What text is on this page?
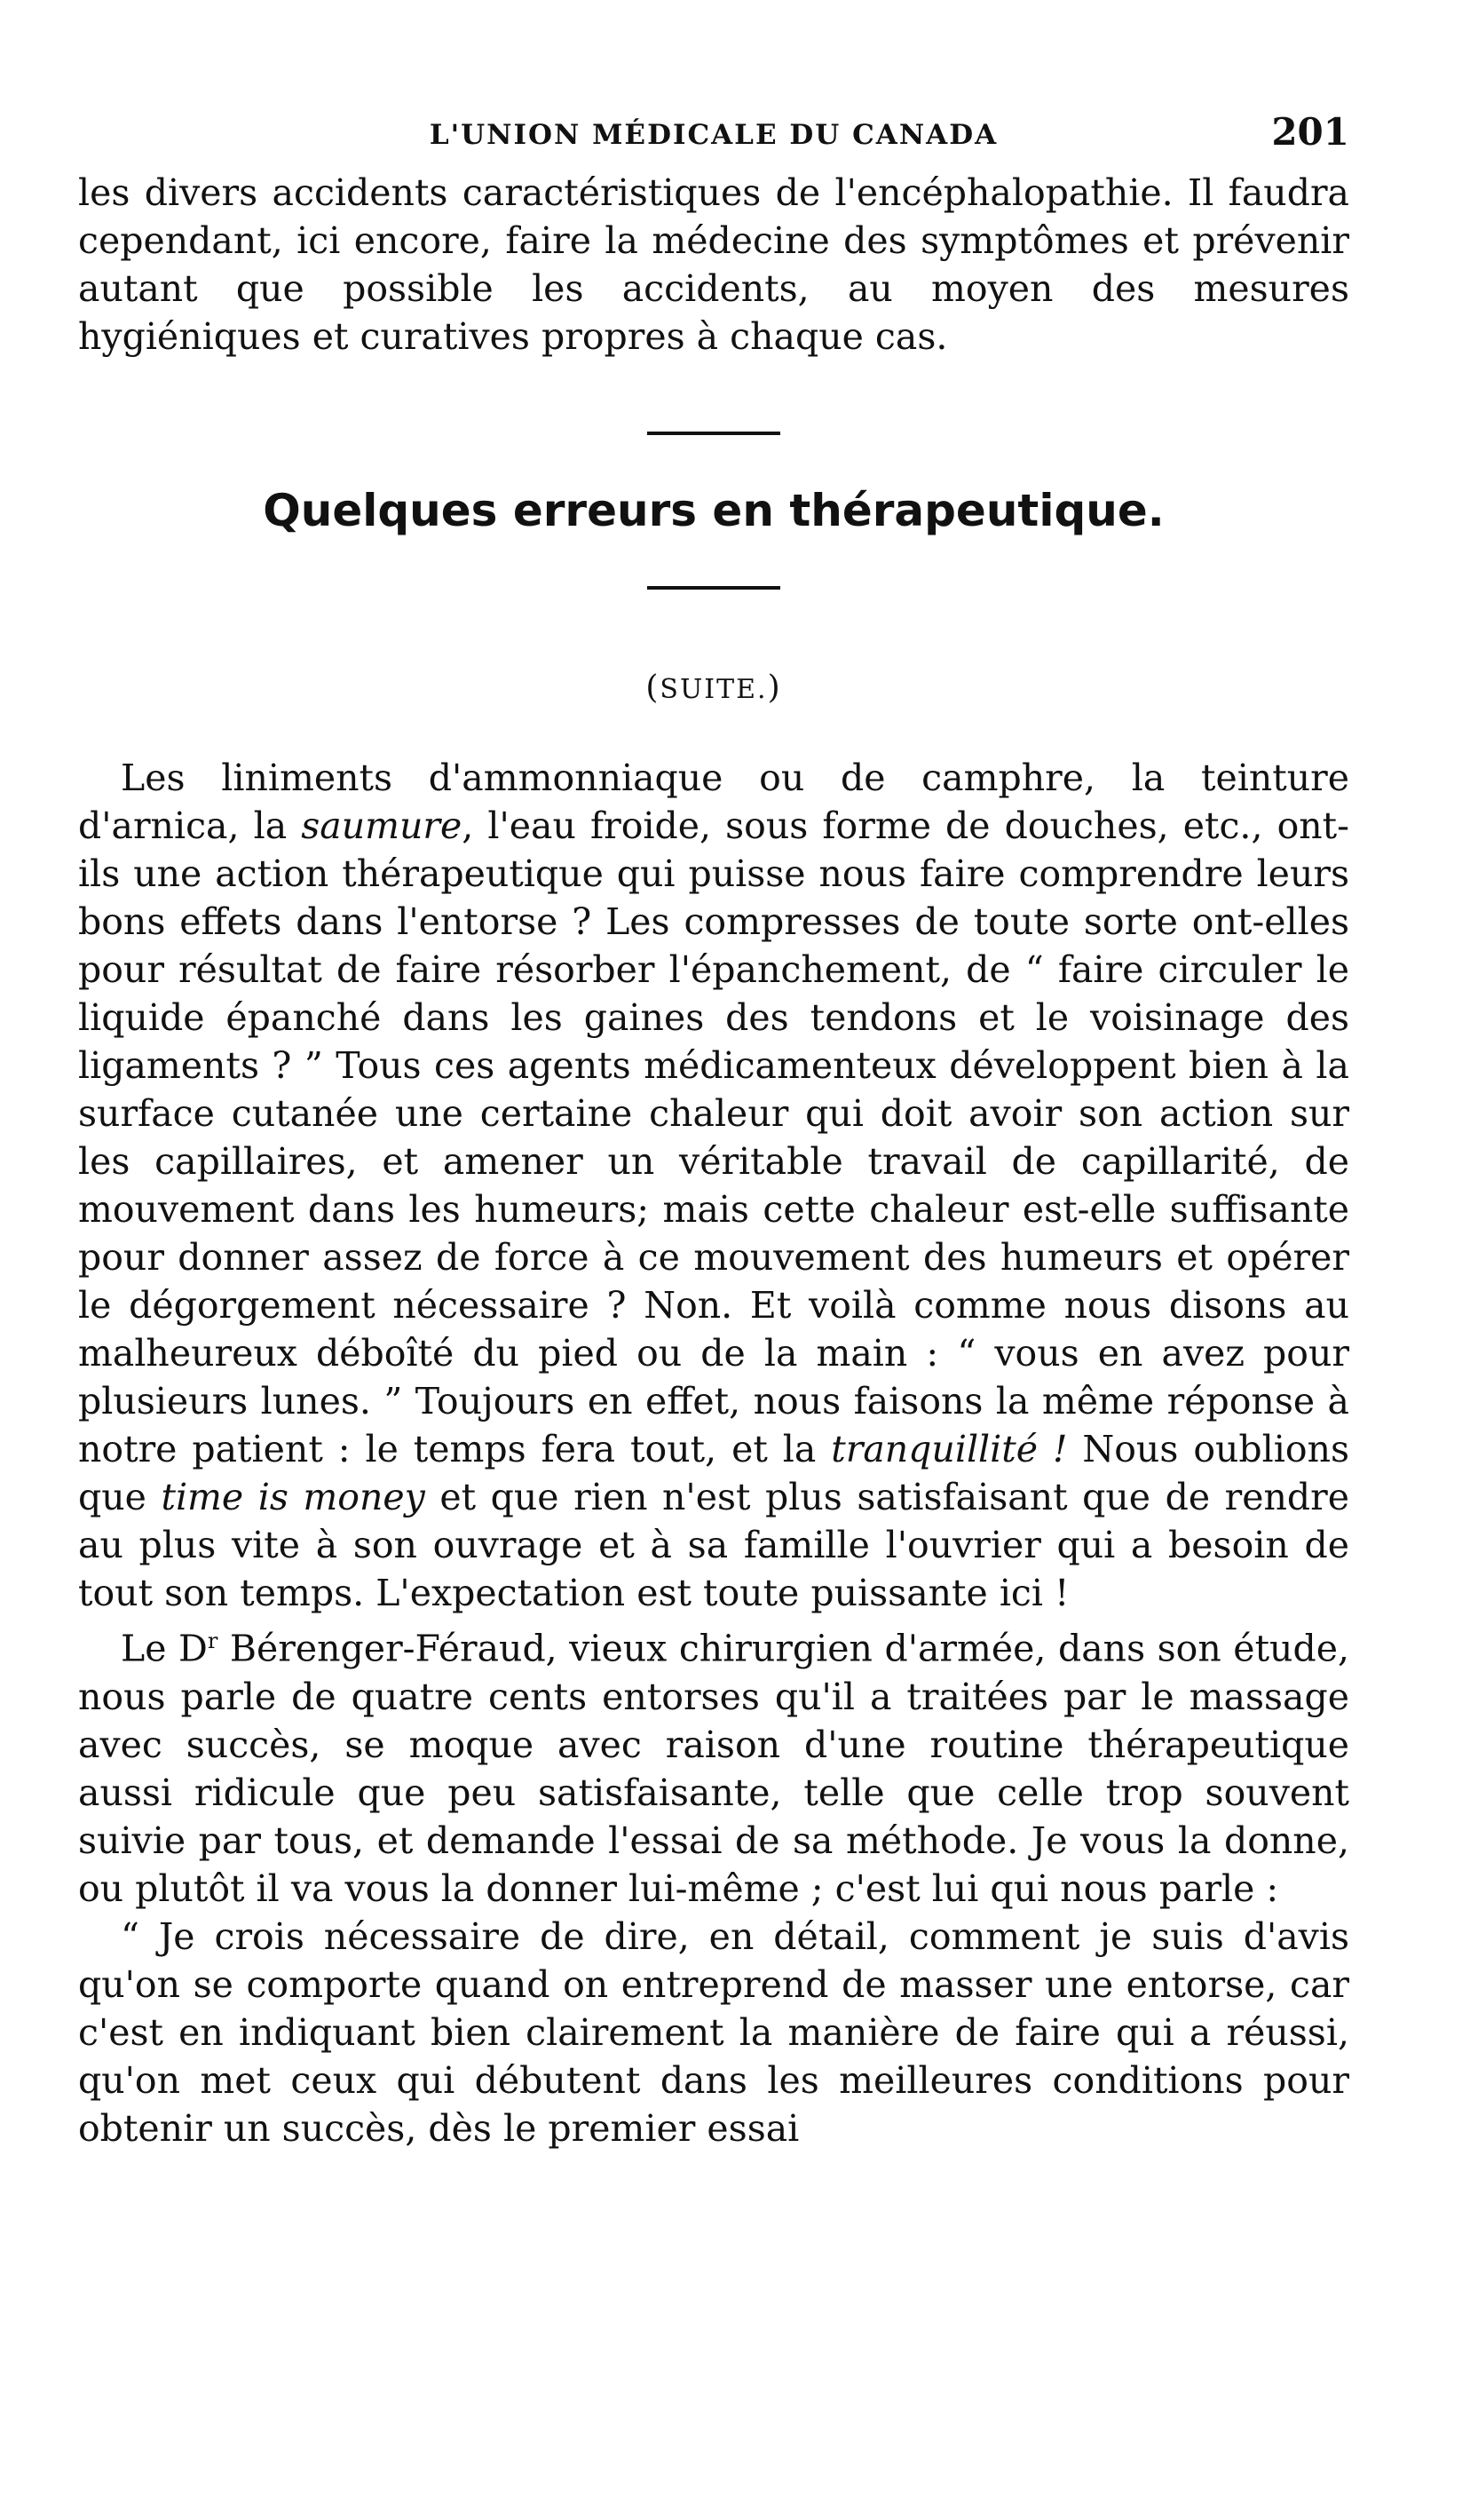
L'UNION MÉDICALE DU CANADA	201

les divers accidents caractéristiques de l'encéphalopathie. Il faudra cependant, ici encore, faire la médecine des symptômes et prévenir autant que possible les accidents, au moyen des mesures hygiéniques et curatives propres à chaque cas.

Quelques erreurs en thérapeutique.
(SUITE.)

Les liniments d'ammonniaque ou de camphre, la teinture d'arnica, la saumure, l'eau froide, sous forme de douches, etc., ont-ils une action thérapeutique qui puisse nous faire comprendre leurs bons effets dans l'entorse ? Les compresses de toute sorte ont-elles pour résultat de faire résorber l'épanchement, de “ faire circuler le liquide épanché dans les gaines des tendons et le voisinage des ligaments ? ” Tous ces agents médicamenteux développent bien à la surface cutanée une certaine chaleur qui doit avoir son action sur les capillaires, et amener un véritable travail de capillarité, de mouvement dans les humeurs; mais cette chaleur est-elle suffisante pour donner assez de force à ce mouvement des humeurs et opérer le dégorgement nécessaire ? Non. Et voilà comme nous disons au malheureux déboîté du pied ou de la main : “ vous en avez pour plusieurs lunes. ” Toujours en effet, nous faisons la même réponse à notre patient : le temps fera tout, et la tranquillité ! Nous oublions que time is money et que rien n'est plus satisfaisant que de rendre au plus vite à son ouvrage et à sa famille l'ouvrier qui a besoin de tout son temps. L'expectation est toute puissante ici !

Le $D^r$ Bérenger-Féraud, vieux chirurgien d'armée, dans son étude, nous parle de quatre cents entorses qu'il a traitées par le massage avec succès, se moque avec raison d'une routine thérapeutique aussi ridicule que peu satisfaisante, telle que celle trop souvent suivie par tous, et demande l'essai de sa méthode. Je vous la donne, ou plutôt il va vous la donner lui-même ; c'est lui qui nous parle :

“ Je crois nécessaire de dire, en détail, comment je suis d'avis qu'on se comporte quand on entreprend de masser une entorse, car c'est en indiquant bien clairement la manière de faire qui a réussi, qu'on met ceux qui débutent dans les meilleures conditions pour obtenir un succès, dès le premier essai
